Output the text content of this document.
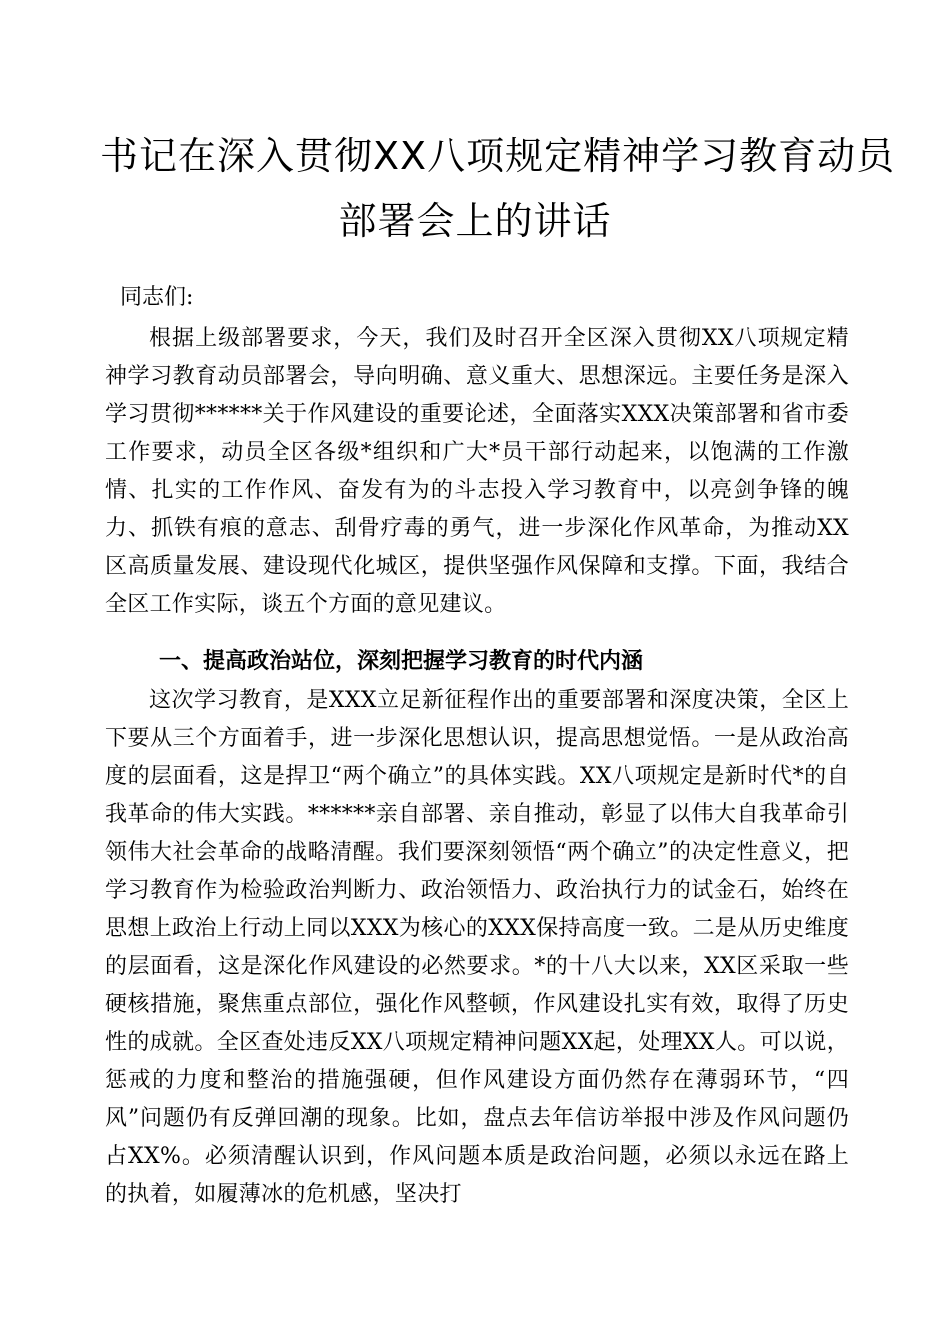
书记在深入贯彻XX八项规定精神学习教育动员
部署会上的讲话
同志们:

根据上级部署要求，今天，我们及时召开全区深入贯彻XX八项规定精神学习教育动员部署会，导向明确、意义重大、思想深远。主要任务是深入学习贯彻******关于作风建设的重要论述，全面落实XXX决策部署和省市委工作要求，动员全区各级*组织和广大*员干部行动起来，以饱满的工作激情、扎实的工作作风、奋发有为的斗志投入学习教育中，以亮剑争锋的魄力、抓铁有痕的意志、刮骨疗毒的勇气，进一步深化作风革命，为推动XX区高质量发展、建设现代化城区，提供坚强作风保障和支撑。下面，我结合全区工作实际，谈五个方面的意见建议。

一、提高政治站位，深刻把握学习教育的时代内涵

这次学习教育，是XXX立足新征程作出的重要部署和深度决策，全区上下要从三个方面着手，进一步深化思想认识，提高思想觉悟。一是从政治高度的层面看，这是捍卫“两个确立”的具体实践。XX八项规定是新时代*的自我革命的伟大实践。******亲自部署、亲自推动，彰显了以伟大自我革命引领伟大社会革命的战略清醒。我们要深刻领悟“两个确立”的决定性意义，把学习教育作为检验政治判断力、政治领悟力、政治执行力的试金石，始终在思想上政治上行动上同以XXX为核心的XXX保持高度一致。二是从历史维度的层面看，这是深化作风建设的必然要求。*的十八大以来，XX区采取一些硬核措施，聚焦重点部位，强化作风整顿，作风建设扎实有效，取得了历史性的成就。全区查处违反XX八项规定精神问题XX起，处理XX人。可以说，惩戒的力度和整治的措施强硬，但作风建设方面仍然存在薄弱环节，“四风”问题仍有反弹回潮的现象。比如，盘点去年信访举报中涉及作风问题仍占XX%。必须清醒认识到，作风问题本质是政治问题，必须以永远在路上的执着，如履薄冰的危机感，坚决打
